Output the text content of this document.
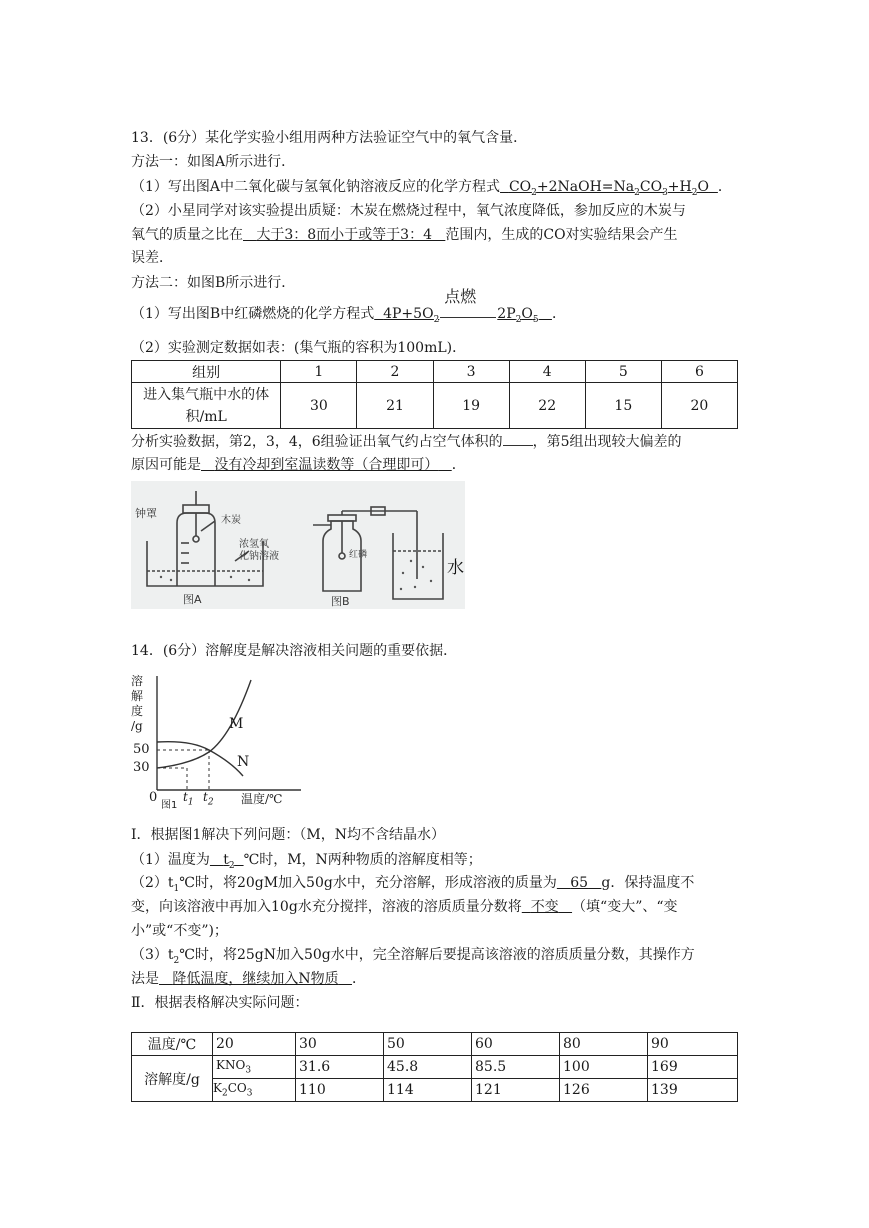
13．(6分）某化学实验小组用两种方法验证空气中的氧气含量．
方法一：如图A所示进行．
（1）写出图A中二氧化碳与氢氧化钠溶液反应的化学方程式 $CO_2+2NaOH=Na_2CO_3+H_2O$ ．
（2）小星同学对该实验提出质疑：木炭在燃烧过程中，氧气浓度降低，参加反应的木炭与
氧气的质量之比在 大于3：8而小于或等于3：4 范围内，生成的CO对实验结果会产生
误差．
方法二：如图B所示进行．
（1）写出图B中红磷燃烧的化学方程式 $4P+5O_2$
点燃
$2P_2O_5$ ．
（2）实验测定数据如表：(集气瓶的容积为100mL)．
组别	1	2	3	4	5	6
进入集气瓶中水的体
积/mL	30	21	19	22	15	20
分析实验数据，第2，3，4，6组验证出氧气约占空气体积的 ，第5组出现较大偏差的
原因可能是 没有冷却到室温读数等（合理即可） ．
钟罩
木炭
浓氢氧
化钠溶液
图A
红磷
图B
水
14．(6分）溶解度是解决溶液相关问题的重要依据．
溶
解
度
/g
50
30
0 $t_1$ $t_2$ 温度/℃
M
N
图1
Ⅰ．根据图1解决下列问题：（M，N均不含结晶水）
（1）温度为 $t_2$ ℃时，M，N两种物质的溶解度相等；
$(2)t_1℃$时，将20gM加入50g水中，充分溶解，形成溶液的质量为 65 g．保持温度不
变，向该溶液中再加入10g水充分搅拌，溶液的溶质质量分数将 不变 （填“变大”、“变
小”或“不变”)；
$(3)t_2℃$时，将25gN加入50g水中，完全溶解后要提高该溶液的溶质质量分数，其操作方
法是 降低温度，继续加入N物质 ．
Ⅱ．根据表格解决实际问题：
温度/℃	20	30	50	60	80	90
溶解度/g	$KNO_3$	31.6	45.8	85.5	100	169
	$K_2CO_3$	110	114	121	126	139
